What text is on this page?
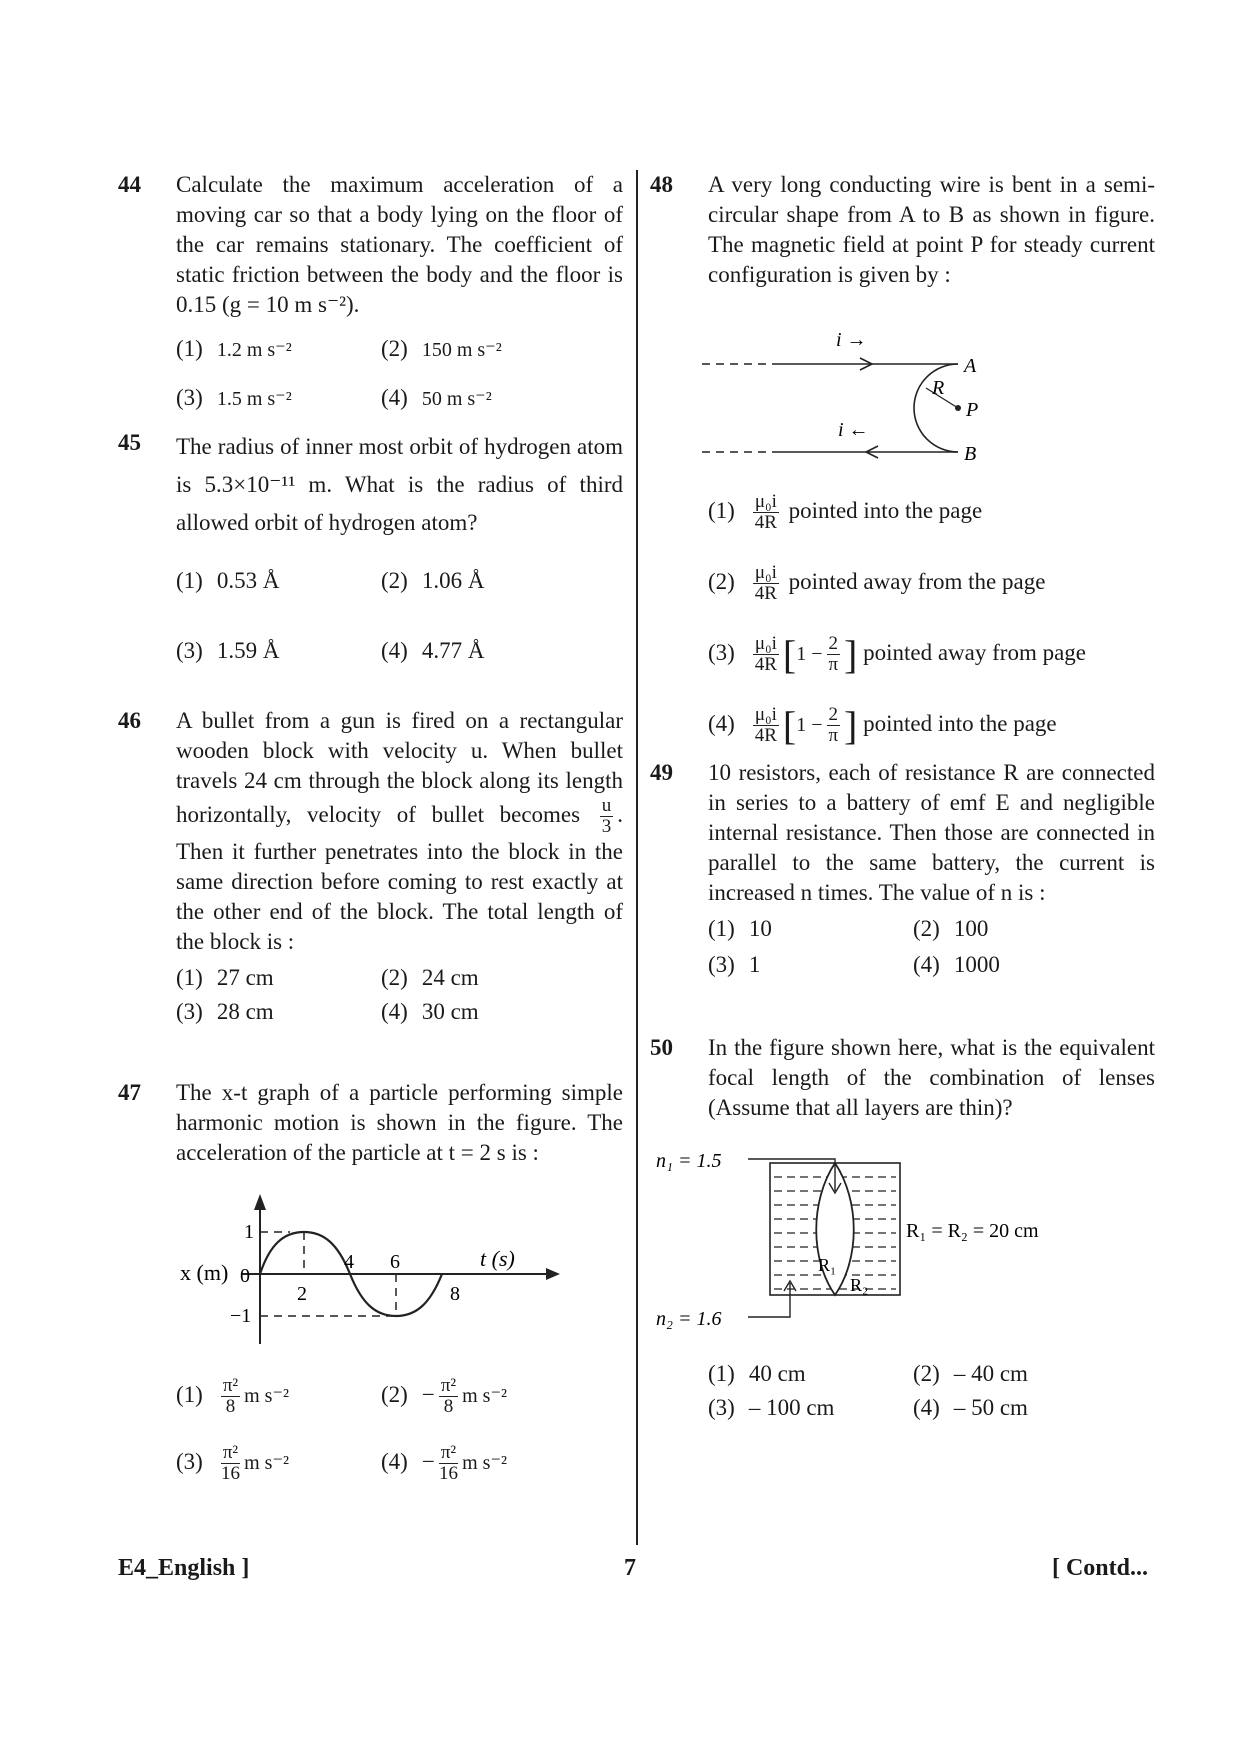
44 Calculate the maximum acceleration of a moving car so that a body lying on the floor of the car remains stationary. The coefficient of static friction between the body and the floor is 0.15 (g = 10 m s⁻²).
(1) 1.2 m s⁻²	(2) 150 m s⁻²
(3) 1.5 m s⁻²	(4) 50 m s⁻²
45 The radius of inner most orbit of hydrogen atom is 5.3×10⁻¹¹ m. What is the radius of third allowed orbit of hydrogen atom?
(1) 0.53 Å	(2) 1.06 Å
(3) 1.59 Å	(4) 4.77 Å
46 A bullet from a gun is fired on a rectangular wooden block with velocity u. When bullet travels 24 cm through the block along its length horizontally, velocity of bullet becomes $\frac{u}{3}$ . Then it further penetrates into the block in the same direction before coming to rest exactly at the other end of the block. The total length of the block is :
(1) 27 cm	(2) 24 cm
(3) 28 cm	(4) 30 cm
47 The x-t graph of a particle performing simple harmonic motion is shown in the figure. The acceleration of the particle at t = 2 s is :
x (m) 0
1
−1
2
4 6
8
t (s)
$(1) \frac{\text{π²}}{8}$ m s⁻²	$(2) - \frac{\text{π²}}{8}$ m s⁻²
$(3) \frac{\text{π²}}{16}$ m s⁻²	$(4) - \frac{\text{π²}}{16}$ m s⁻²
48 A very long conducting wire is bent in a semi-circular shape from A to B as shown in figure. The magnetic field at point P for steady current configuration is given by :
i →
i ←
A
B
R
P
$(1) \frac{\text{μ₀i}}{4R}$ pointed into the page
$(2) \frac{\text{μ₀i}}{4R}$ pointed away from the page
$(3) \frac{\text{μ₀i}}{4R} [1 - \frac{2}{\pi}$ ] pointed away from page
$(4) \frac{\text{μ₀i}}{4R} [1 - \frac{2}{\pi}$ ] pointed into the page
49 10 resistors, each of resistance R are connected in series to a battery of emf E and negligible internal resistance. Then those are connected in parallel to the same battery, the current is increased n times. The value of n is :
(1) 10	(2) 100
(3) 1	(4) 1000
50 In the figure shown here, what is the equivalent focal length of the combination of lenses (Assume that all layers are thin)?
n₁ = 1.5
n₂ = 1.6
R₁ = R₂ = 20 cm
R₁
R₂
(1) 40 cm	(2) – 40 cm
(3) – 100 cm	(4) – 50 cm
E4_English ]	7	[ Contd...
